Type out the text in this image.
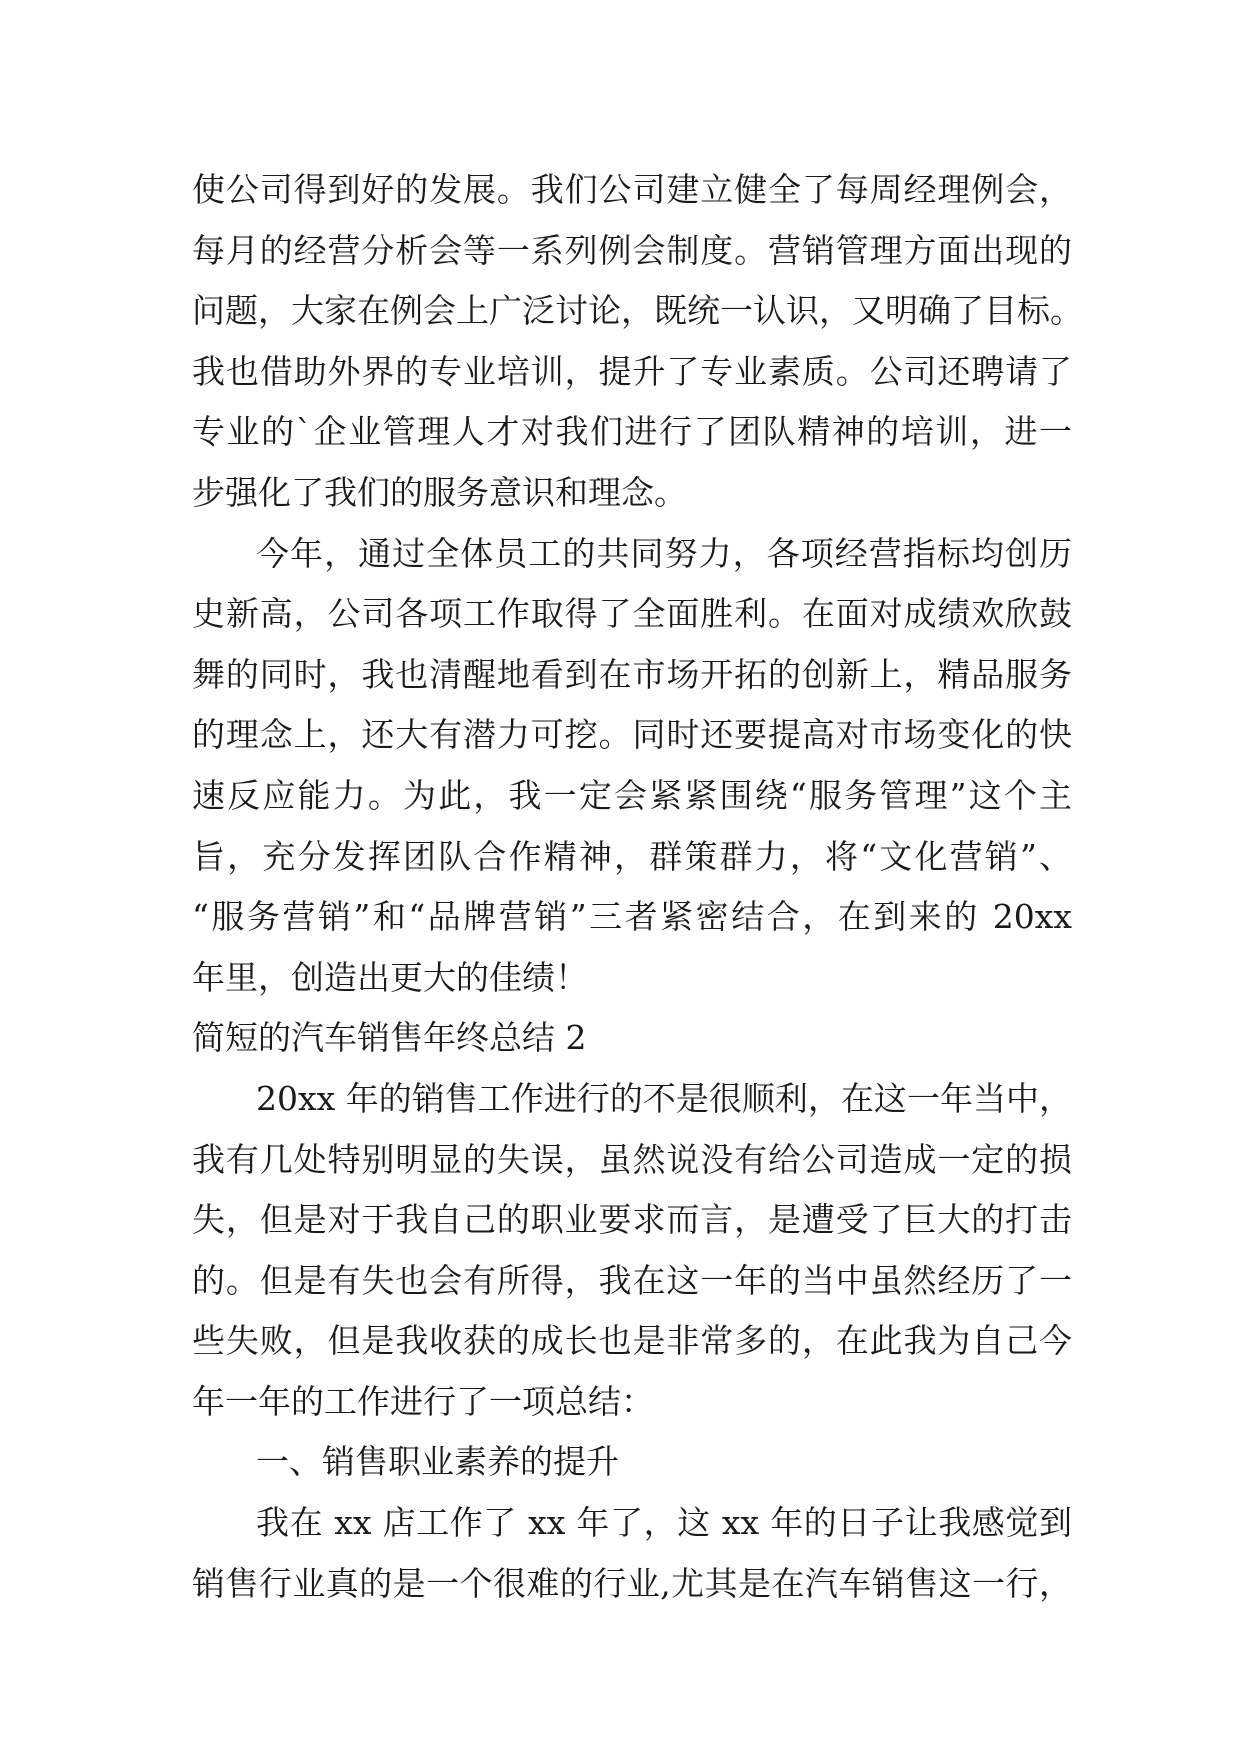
使公司得到好的发展。我们公司建立健全了每周经理例会，
每月的经营分析会等一系列例会制度。营销管理方面出现的
问题，大家在例会上广泛讨论，既统一认识，又明确了目标。
我也借助外界的专业培训，提升了专业素质。公司还聘请了
专业的`企业管理人才对我们进行了团队精神的培训，进一
步强化了我们的服务意识和理念。
今年，通过全体员工的共同努力，各项经营指标均创历
史新高，公司各项工作取得了全面胜利。在面对成绩欢欣鼓
舞的同时，我也清醒地看到在市场开拓的创新上，精品服务
的理念上，还大有潜力可挖。同时还要提高对市场变化的快
速反应能力。为此，我一定会紧紧围绕“服务管理”这个主
旨，充分发挥团队合作精神，群策群力，将“文化营销”、
“服务营销”和“品牌营销”三者紧密结合，在到来的 20xx
年里，创造出更大的佳绩！
简短的汽车销售年终总结 2
20xx 年的销售工作进行的不是很顺利，在这一年当中，
我有几处特别明显的失误，虽然说没有给公司造成一定的损
失，但是对于我自己的职业要求而言，是遭受了巨大的打击
的。但是有失也会有所得，我在这一年的当中虽然经历了一
些失败，但是我收获的成长也是非常多的，在此我为自己今
年一年的工作进行了一项总结：
一、销售职业素养的提升
我在 xx 店工作了 xx 年了，这 xx 年的日子让我感觉到
销售行业真的是一个很难的行业,尤其是在汽车销售这一行，
